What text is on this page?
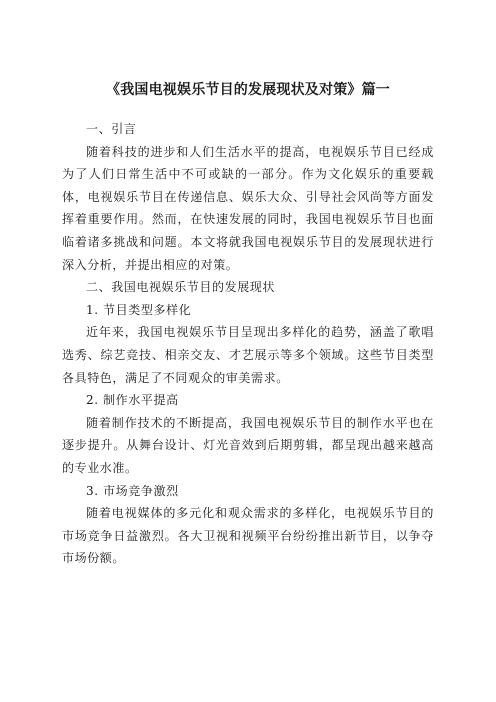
《我国电视娱乐节目的发展现状及对策》篇一

一、引言

随着科技的进步和人们生活水平的提高，电视娱乐节目已经成为了人们日常生活中不可或缺的一部分。作为文化娱乐的重要载体，电视娱乐节目在传递信息、娱乐大众、引导社会风尚等方面发挥着重要作用。然而，在快速发展的同时，我国电视娱乐节目也面临着诸多挑战和问题。本文将就我国电视娱乐节目的发展现状进行深入分析，并提出相应的对策。

二、我国电视娱乐节目的发展现状

1. 节目类型多样化

近年来，我国电视娱乐节目呈现出多样化的趋势，涵盖了歌唱选秀、综艺竞技、相亲交友、才艺展示等多个领域。这些节目类型各具特色，满足了不同观众的审美需求。

2. 制作水平提高

随着制作技术的不断提高，我国电视娱乐节目的制作水平也在逐步提升。从舞台设计、灯光音效到后期剪辑，都呈现出越来越高的专业水准。

3. 市场竞争激烈

随着电视媒体的多元化和观众需求的多样化，电视娱乐节目的市场竞争日益激烈。各大卫视和视频平台纷纷推出新节目，以争夺市场份额。
